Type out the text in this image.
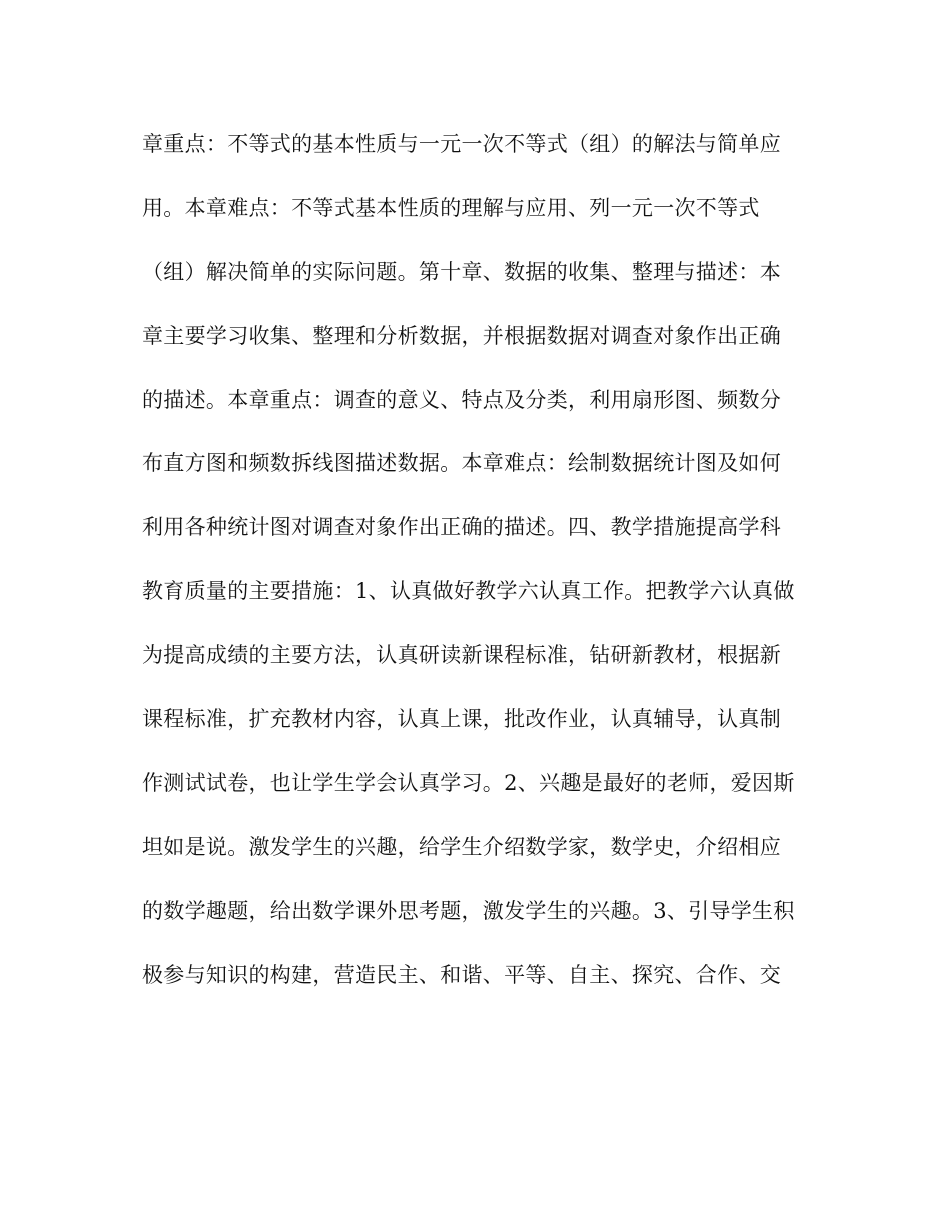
章重点：不等式的基本性质与一元一次不等式（组）的解法与简单应
用。本章难点：不等式基本性质的理解与应用、列一元一次不等式
（组）解决简单的实际问题。第十章、数据的收集、整理与描述：本
章主要学习收集、整理和分析数据，并根据数据对调查对象作出正确
的描述。本章重点：调查的意义、特点及分类，利用扇形图、频数分
布直方图和频数拆线图描述数据。本章难点：绘制数据统计图及如何
利用各种统计图对调查对象作出正确的描述。四、教学措施提高学科
教育质量的主要措施：1、认真做好教学六认真工作。把教学六认真做
为提高成绩的主要方法，认真研读新课程标准，钻研新教材，根据新
课程标准，扩充教材内容，认真上课，批改作业，认真辅导，认真制
作测试试卷，也让学生学会认真学习。2、兴趣是最好的老师，爱因斯
坦如是说。激发学生的兴趣，给学生介绍数学家，数学史，介绍相应
的数学趣题，给出数学课外思考题，激发学生的兴趣。3、引导学生积
极参与知识的构建，营造民主、和谐、平等、自主、探究、合作、交
